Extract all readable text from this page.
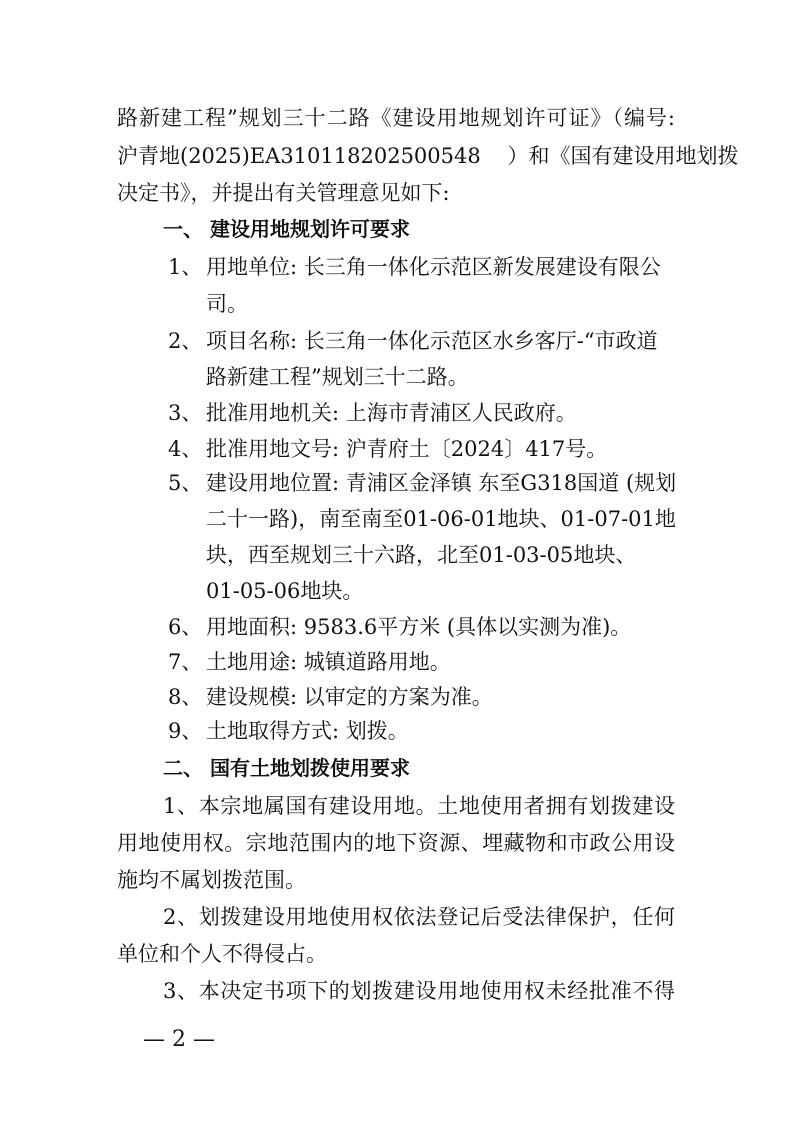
路新建工程”规划三十二路《建设用地规划许可证》（编号:
沪青地(2025)EA310118202500548 ）和《国有建设用地划拨
决定书》，并提出有关管理意见如下:
一、 建设用地规划许可要求
1、 用地单位: 长三角一体化示范区新发展建设有限公
司。
2、 项目名称: 长三角一体化示范区水乡客厅-“市政道
路新建工程”规划三十二路。
3、 批准用地机关: 上海市青浦区人民政府。
4、 批准用地文号: 沪青府土〔2024〕417号。
5、 建设用地位置: 青浦区金泽镇 东至G318国道 (规划
二十一路)，南至南至01-06-01地块、01-07-01地
块，西至规划三十六路，北至01-03-05地块、
01-05-06地块。
6、 用地面积: 9583.6平方米 (具体以实测为准)。
7、 土地用途: 城镇道路用地。
8、 建设规模: 以审定的方案为准。
9、 土地取得方式: 划拨。
二、 国有土地划拨使用要求
1、本宗地属国有建设用地。土地使用者拥有划拨建设
用地使用权。宗地范围内的地下资源、埋藏物和市政公用设
施均不属划拨范围。
2、划拨建设用地使用权依法登记后受法律保护，任何
单位和个人不得侵占。
3、本决定书项下的划拨建设用地使用权未经批准不得
— 2 —
